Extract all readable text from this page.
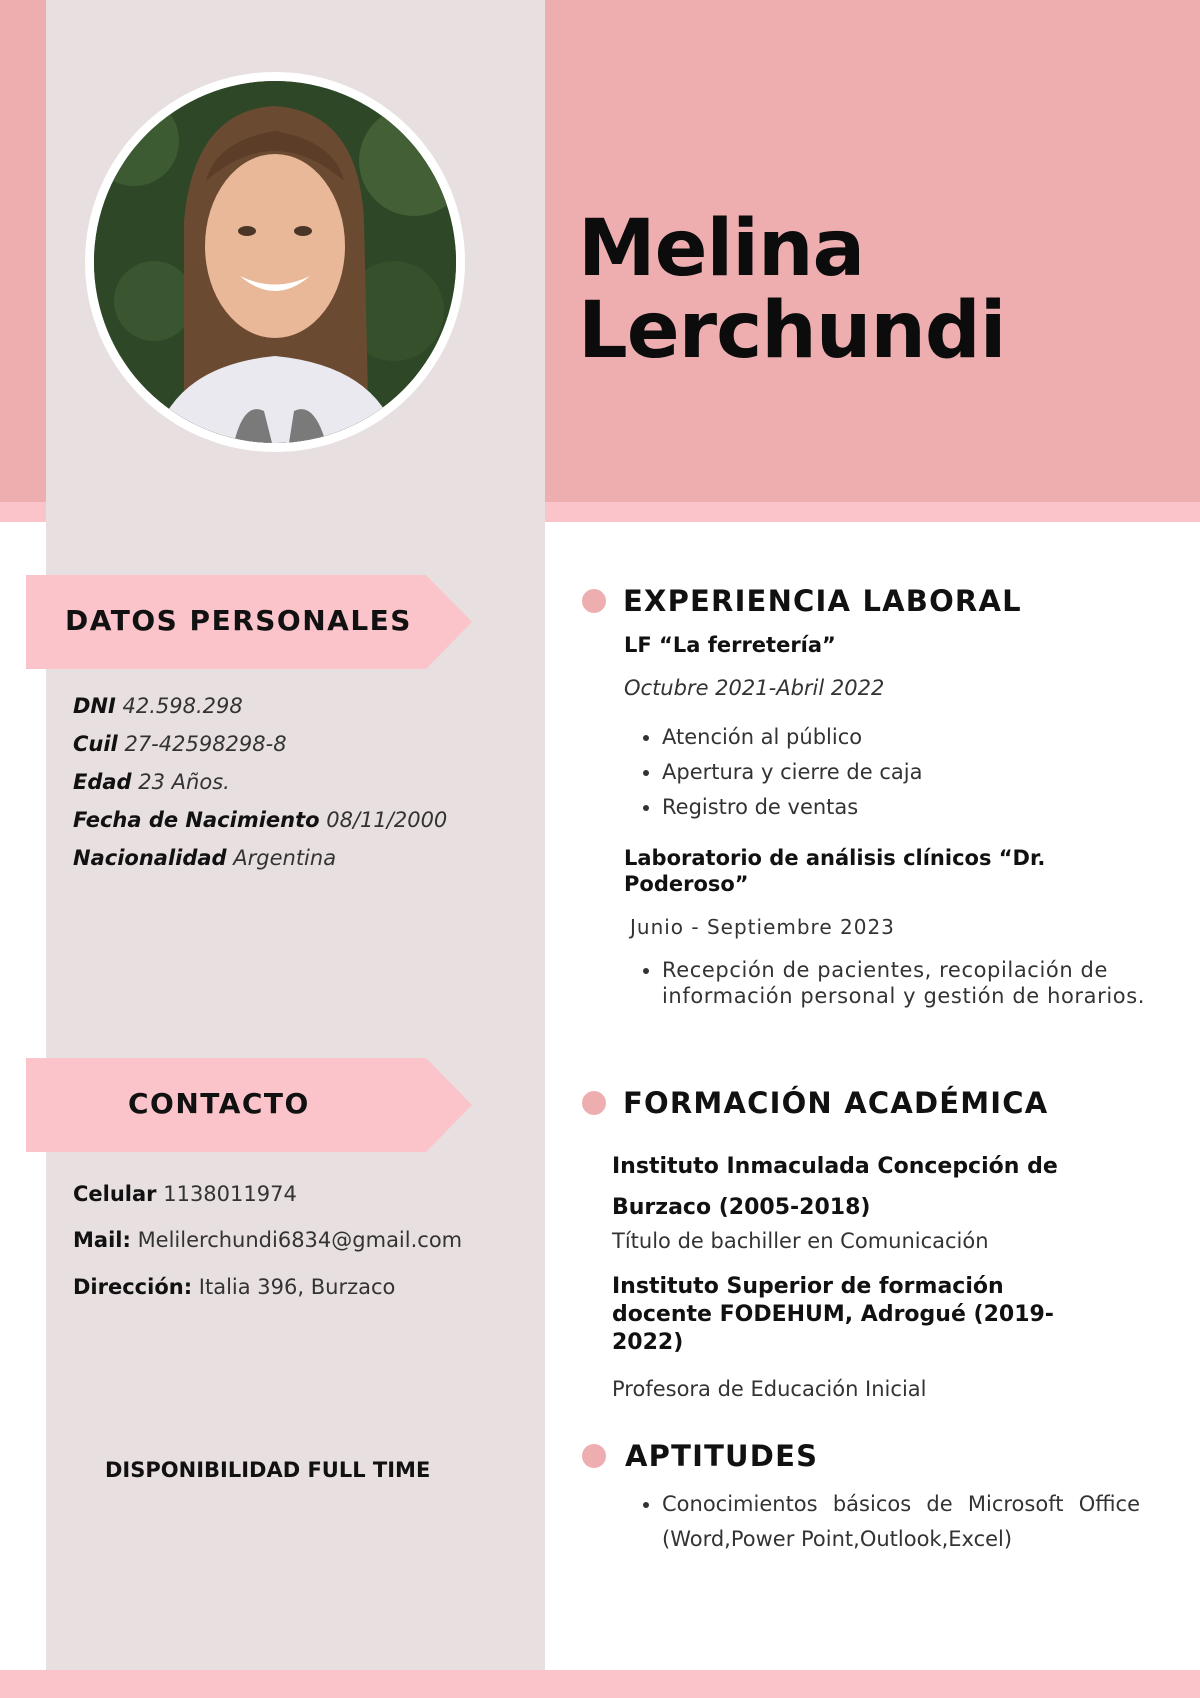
Melina
Lerchundi
DATOS PERSONALES
CONTACTO
DNI 42.598.298
Cuil 27-42598298-8
Edad 23 Años.
Fecha de Nacimiento 08/11/2000
Nacionalidad Argentina
Celular 1138011974
Mail: Melilerchundi6834@gmail.com
Dirección: Italia 396, Burzaco
DISPONIBILIDAD FULL TIME
EXPERIENCIA LABORAL
LF “La ferretería”
Octubre 2021-Abril 2022
• Atención al público
• Apertura y cierre de caja
• Registro de ventas
Laboratorio de análisis clínicos “Dr. Poderoso”
Junio - Septiembre 2023
• Recepción de pacientes, recopilación de información personal y gestión de horarios.
FORMACIÓN ACADÉMICA
Instituto Inmaculada Concepción de Burzaco (2005-2018)
Título de bachiller en Comunicación
Instituto Superior de formación docente FODEHUM, Adrogué (2019-2022)
Profesora de Educación Inicial
APTITUDES
• Conocimientos básicos de Microsoft Office (Word,Power Point,Outlook,Excel)
